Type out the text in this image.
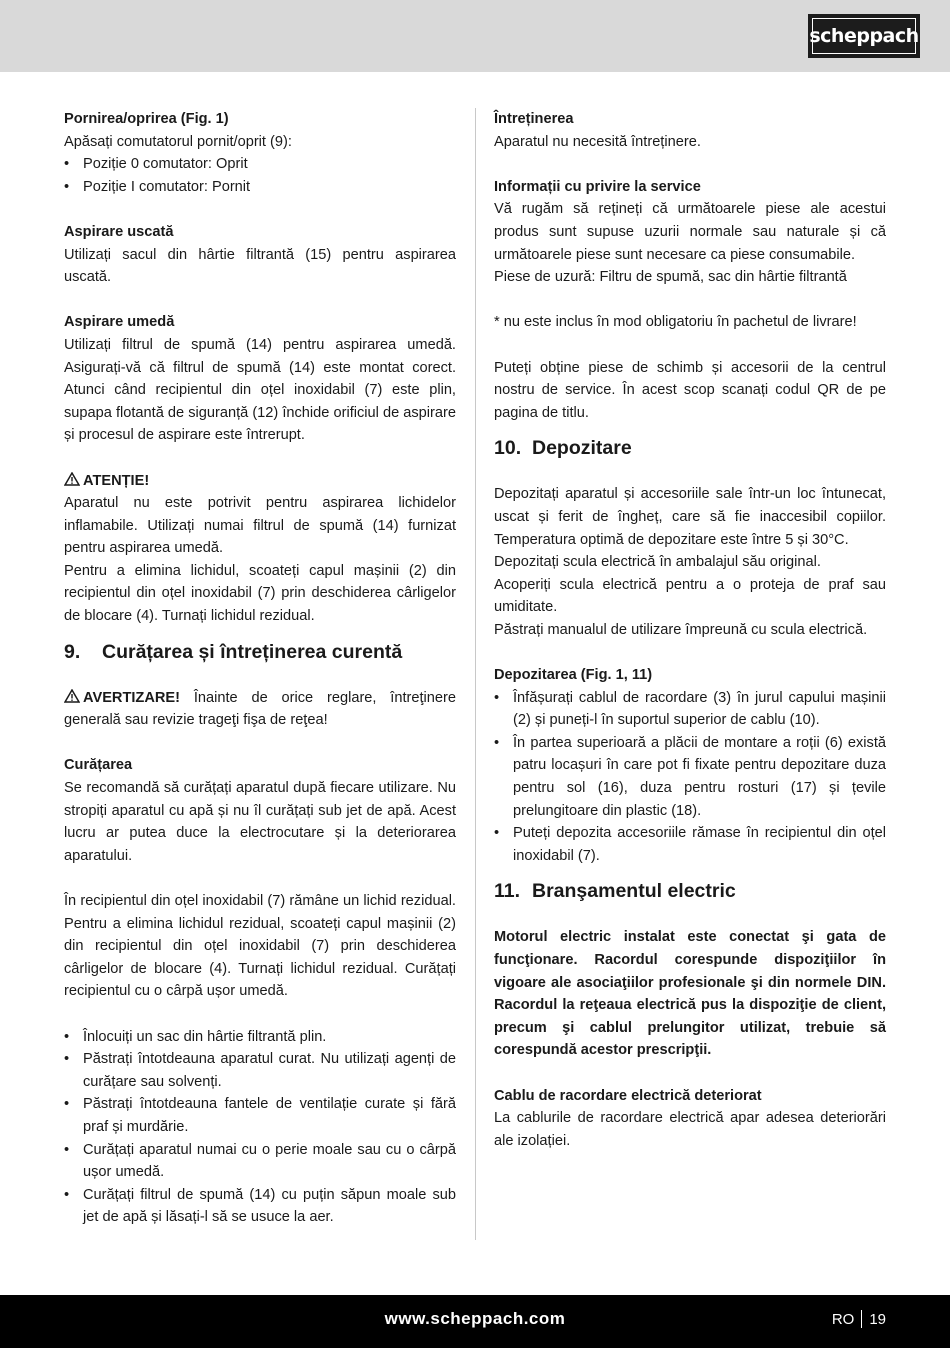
scheppach

Pornirea/oprirea (Fig. 1)

Apăsați comutatorul pornit/oprit (9):

• Poziție 0 comutator: Oprit
• Poziție I comutator: Pornit

Aspirare uscată

Utilizați sacul din hârtie filtrantă (15) pentru aspirarea uscată.

Aspirare umedă

Utilizați filtrul de spumă (14) pentru aspirarea umedă. Asigurați-vă că filtrul de spumă (14) este montat corect. Atunci când recipientul din oțel inoxidabil (7) este plin, supapa flotantă de siguranță (12) închide orificiul de aspirare și procesul de aspirare este întrerupt.

ATENȚIE!

Aparatul nu este potrivit pentru aspirarea lichidelor inflamabile. Utilizați numai filtrul de spumă (14) furnizat pentru aspirarea umedă.

Pentru a elimina lichidul, scoateți capul mașinii (2) din recipientul din oțel inoxidabil (7) prin deschiderea cârligelor de blocare (4). Turnați lichidul rezidual.

9.	Curățarea și întreținerea curentă

AVERTIZARE! Înainte de orice reglare, întreţinere generală sau revizie trageţi fişa de reţea!

Curățarea

Se recomandă să curățați aparatul după fiecare utilizare. Nu stropiți aparatul cu apă și nu îl curățați sub jet de apă. Acest lucru ar putea duce la electrocutare și la deteriorarea aparatului.

În recipientul din oțel inoxidabil (7) rămâne un lichid rezidual. Pentru a elimina lichidul rezidual, scoateți capul mașinii (2) din recipientul din oțel inoxidabil (7) prin deschiderea cârligelor de blocare (4). Turnați lichidul rezidual. Curățați recipientul cu o cârpă ușor umedă.

• Înlocuiți un sac din hârtie filtrantă plin.
• Păstrați întotdeauna aparatul curat. Nu utilizați agenți de curățare sau solvenți.
• Păstrați întotdeauna fantele de ventilație curate și fără praf și murdărie.
• Curățați aparatul numai cu o perie moale sau cu o cârpă ușor umedă.
• Curățați filtrul de spumă (14) cu puțin săpun moale sub jet de apă și lăsați-l să se usuce la aer.

Întreținerea

Aparatul nu necesită întreținere.

Informații cu privire la service

Vă rugăm să rețineți că următoarele piese ale acestui produs sunt supuse uzurii normale sau naturale și că următoarele piese sunt necesare ca piese consumabile.

Piese de uzură: Filtru de spumă, sac din hârtie filtrantă

* nu este inclus în mod obligatoriu în pachetul de livrare!

Puteți obține piese de schimb și accesorii de la centrul nostru de service. În acest scop scanați codul QR de pe pagina de titlu.

10. Depozitare

Depozitați aparatul și accesoriile sale într-un loc întunecat, uscat și ferit de îngheț, care să fie inaccesibil copiilor. Temperatura optimă de depozitare este între 5 și 30°C.

Depozitați scula electrică în ambalajul său original.

Acoperiți scula electrică pentru a o proteja de praf sau umiditate.

Păstrați manualul de utilizare împreună cu scula electrică.

Depozitarea (Fig. 1, 11)

• Înfășurați cablul de racordare (3) în jurul capului mașinii (2) și puneți-l în suportul superior de cablu (10).
• În partea superioară a plăcii de montare a roții (6) există patru locașuri în care pot fi fixate pentru depozitare duza pentru sol (16), duza pentru rosturi (17) și țevile prelungitoare din plastic (18).
• Puteți depozita accesoriile rămase în recipientul din oțel inoxidabil (7).
11. Branşamentul electric

Motorul electric instalat este conectat şi gata de funcţionare. Racordul corespunde dispoziţiilor în vigoare ale asociaţiilor profesionale şi din normele DIN. Racordul la reţeaua electrică pus la dispoziţie de client, precum şi cablul prelungitor utilizat, trebuie să corespundă acestor prescripţii.

Cablu de racordare electrică deteriorat

La cablurile de racordare electrică apar adesea deteriorări ale izolației.

www.scheppach.com	RO 19
